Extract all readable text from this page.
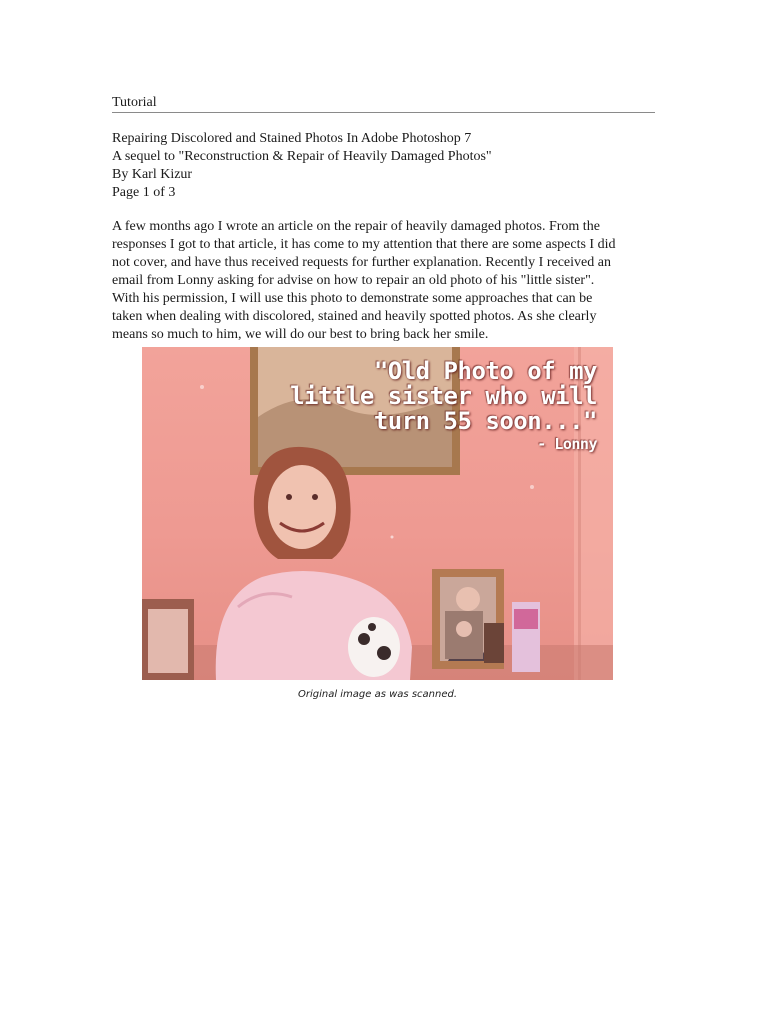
Tutorial
Repairing Discolored and Stained Photos In Adobe Photoshop 7
A sequel to "Reconstruction & Repair of Heavily Damaged Photos"
By Karl Kizur
Page 1 of 3

A few months ago I wrote an article on the repair of heavily damaged photos. From the
responses I got to that article, it has come to my attention that there are some aspects I did
not cover, and have thus received requests for further explanation. Recently I received an
email from Lonny asking for advise on how to repair an old photo of his "little sister".
With his permission, I will use this photo to demonstrate some approaches that can be
taken when dealing with discolored, stained and heavily spotted photos. As she clearly
means so much to him, we will do our best to bring back her smile.

"Old Photo of my
little sister who will
turn 55 soon..."
- Lonny
Original image as was scanned.
